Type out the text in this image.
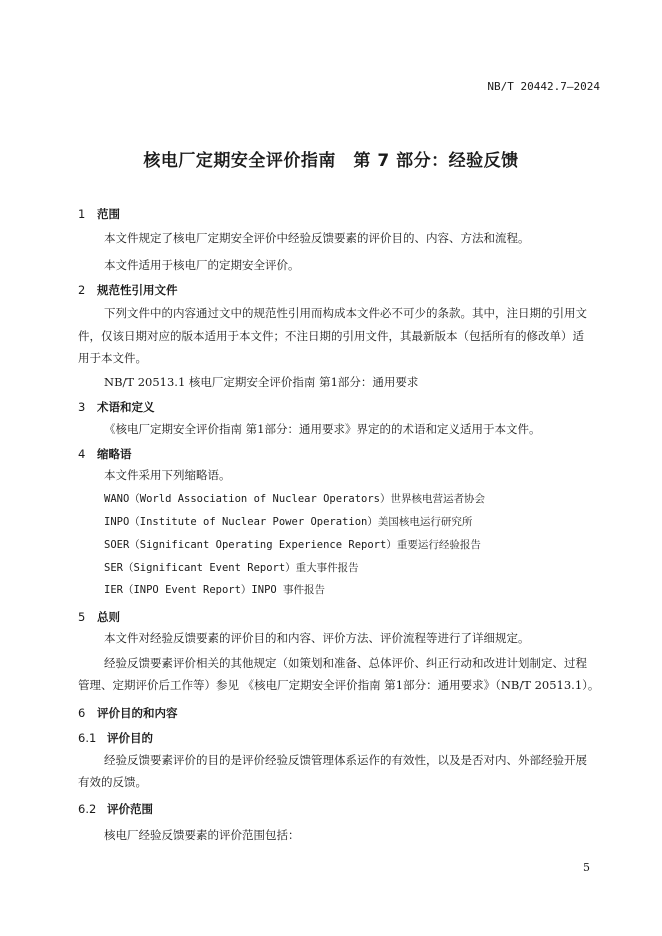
NB/T 20442.7—2024
核电厂定期安全评价指南　第 7 部分：经验反馈
1 范围
本文件规定了核电厂定期安全评价中经验反馈要素的评价目的、内容、方法和流程。
本文件适用于核电厂的定期安全评价。
2 规范性引用文件
下列文件中的内容通过文中的规范性引用而构成本文件必不可少的条款。其中，注日期的引用文
件，仅该日期对应的版本适用于本文件；不注日期的引用文件，其最新版本（包括所有的修改单）适
用于本文件。
NB/T 20513.1 核电厂定期安全评价指南 第1部分：通用要求
3 术语和定义
《核电厂定期安全评价指南 第1部分：通用要求》界定的的术语和定义适用于本文件。
4 缩略语
本文件采用下列缩略语。
WANO（World Association of Nuclear Operators）世界核电营运者协会
INPO（Institute of Nuclear Power Operation）美国核电运行研究所
SOER（Significant Operating Experience Report）重要运行经验报告
SER（Significant Event Report）重大事件报告
IER（INPO Event Report）INPO 事件报告
5 总则
本文件对经验反馈要素的评价目的和内容、评价方法、评价流程等进行了详细规定。
经验反馈要素评价相关的其他规定（如策划和准备、总体评价、纠正行动和改进计划制定、过程
管理、定期评价后工作等）参见 《核电厂定期安全评价指南 第1部分：通用要求》（NB/T 20513.1）。
6 评价目的和内容
6.1 评价目的
经验反馈要素评价的目的是评价经验反馈管理体系运作的有效性，以及是否对内、外部经验开展
有效的反馈。
6.2 评价范围
核电厂经验反馈要素的评价范围包括：
5
